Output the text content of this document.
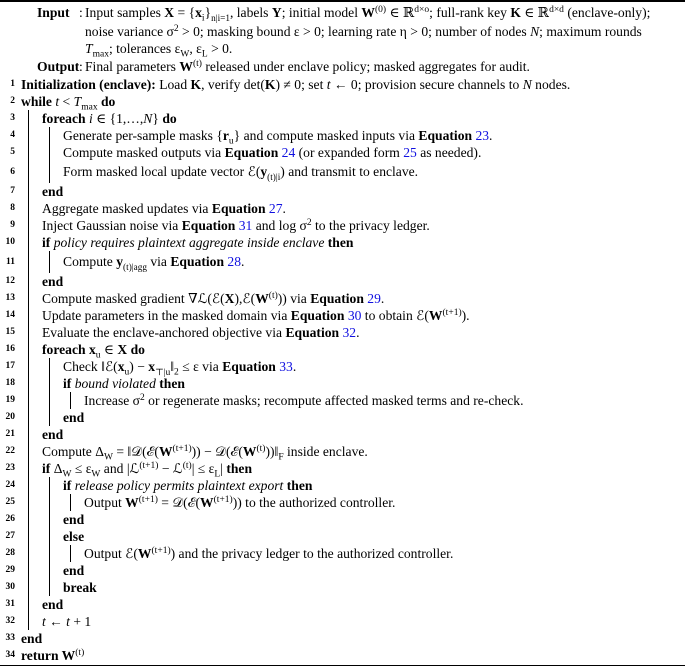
Input : Input samples $X = \{x_i\}n|i=1$, labels Y; initial model $W^{(0)}$ ∈ ℝ$^{d\times o}$; full-rank key K ∈ ℝ$^{d\times d}$ (enclave-only);
noise variance $\sigma^2 > 0$; masking bound ε > 0; learning rate η > 0; number of nodes N; maximum rounds
$T_{max}$; tolerances $\varepsilon_W$, $\varepsilon_L > 0$.
Output : Final parameters $W^{(t)}$ released under enclave policy; masked aggregates for audit.
1 Initialization (enclave): Load K, verify det(K) ≠ 0; set t ← 0; provision secure channels to N nodes.
2 while $t < T_{max}$ do
3 foreach i ∈ {1,…,N} do
4	Generate per-sample masks $\{r_u\}$ and compute masked inputs via Equation 23.
5	Compute masked outputs via Equation 24 (or expanded form 25 as needed).
6	Form masked local update vector ℰ(y(t)|i) and transmit to enclave.
7 end
8 Aggregate masked updates via Equation 27.
9 Inject Gaussian noise via Equation 31 and $\log \sigma^2$ to the privacy ledger.
10 if policy requires plaintext aggregate inside enclave then
11	Compute y(t)|agg via Equation 28.
12 end
13 Compute masked gradient $\nabla ℒ(ℰ(X),ℰ(W^{(t)}))$ via Equation 29.
14 Update parameters in the masked domain via Equation 30 to obtain $ℰ(W^{(t+1)})$.
15 Evaluate the enclave-anchored objective via Equation 32.
16 foreach $x_u$ ∈ X do
17	Check $‖ℰ(x_u)$ − $x⊤|u‖_2 \le \varepsilon$ via Equation 33.
18	if bound violated then
19	Increase $\sigma^2$ or regenerate masks; recompute affected masked terms and re-check.
20	end
21 end
22 Compute $\Delta_W$ = $‖𝒟(ℰ(W^{(t+1)}))$ − $𝒟(ℰ(W^{(t)}))‖_F$ inside enclave.
23 if $\Delta_W \le \varepsilon_W$ and |ℒ$^{(t+1)}$ − ℒ$^{(t)}$| ≤ $\varepsilon_L|$ then
24	if release policy permits plaintext export then
25	Output $W^{(t+1)}$ = $𝒟(ℰ(W^{(t+1)}))$ to the authorized controller.
26	end
27	else
28	Output $ℰ(W^{(t+1)})$ and the privacy ledger to the authorized controller.
29	end
30	break
31 end
32 t ← t + 1
33 end
34 return $W^{(t)}$
